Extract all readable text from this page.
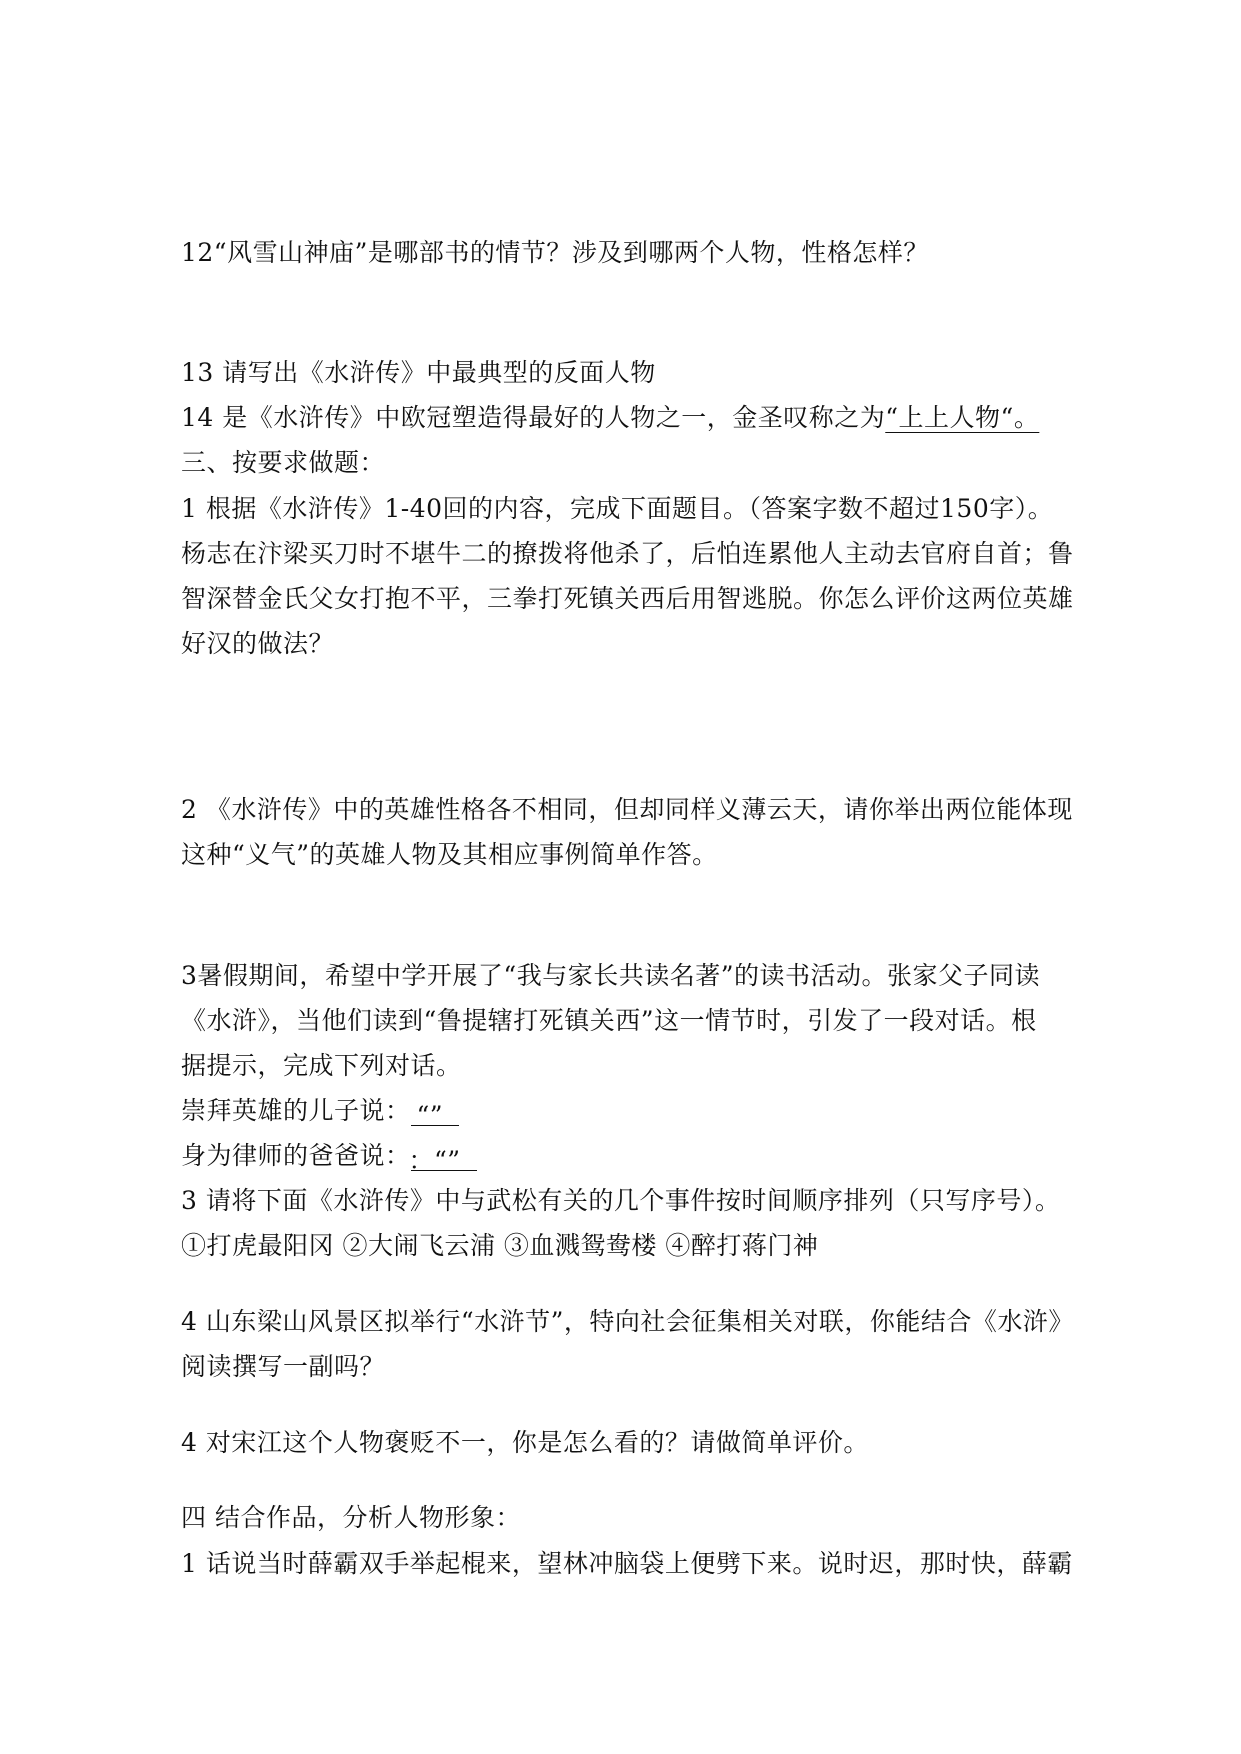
12“风雪山神庙”是哪部书的情节？涉及到哪两个人物，性格怎样？
13 请写出《水浒传》中最典型的反面人物
14 是《水浒传》中欧冠塑造得最好的人物之一，金圣叹称之为“上上人物“。
三、按要求做题：
1 根据《水浒传》1-40回的内容，完成下面题目。（答案字数不超过150字）。
杨志在汴梁买刀时不堪牛二的撩拨将他杀了，后怕连累他人主动去官府自首；鲁
智深替金氏父女打抱不平，三拳打死镇关西后用智逃脱。你怎么评价这两位英雄
好汉的做法？
2 《水浒传》中的英雄性格各不相同，但却同样义薄云天，请你举出两位能体现
这种“义气”的英雄人物及其相应事例简单作答。
3暑假期间，希望中学开展了“我与家长共读名著”的读书活动。张家父子同读
《水浒》，当他们读到“鲁提辖打死镇关西”这一情节时，引发了一段对话。根
据提示，完成下列对话。
崇拜英雄的儿子说： “”
身为律师的爸爸说：：“”
3 请将下面《水浒传》中与武松有关的几个事件按时间顺序排列（只写序号）。
①打虎最阳冈 ②大闹飞云浦 ③血溅鸳鸯楼 ④醉打蒋门神
4 山东梁山风景区拟举行“水浒节”，特向社会征集相关对联，你能结合《水浒》
阅读撰写一副吗？
4 对宋江这个人物褒贬不一，你是怎么看的？请做简单评价。
四 结合作品，分析人物形象：
1 话说当时薛霸双手举起棍来，望林冲脑袋上便劈下来。说时迟，那时快，薛霸
